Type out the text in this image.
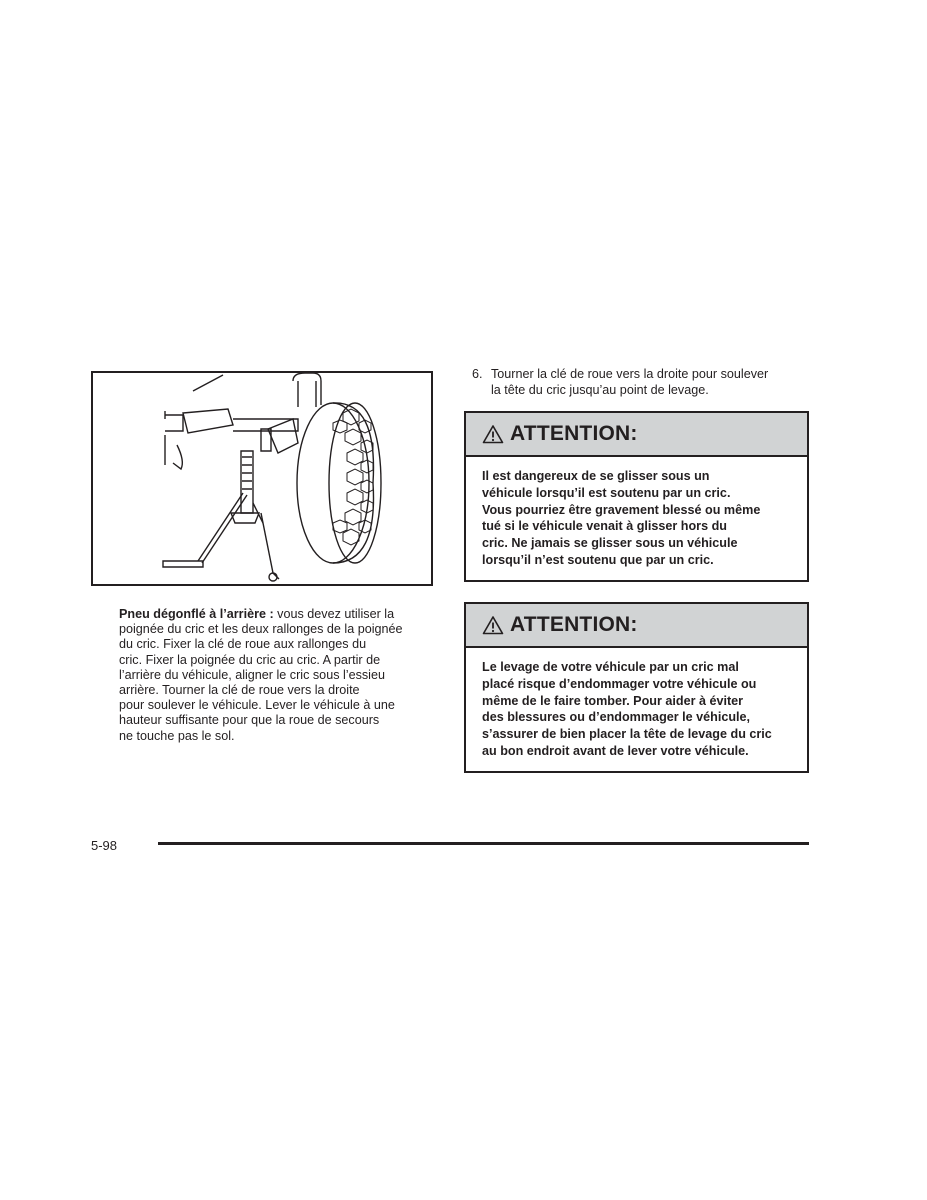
Pneu dégonflé à l’arrière : vous devez utiliser la
poignée du cric et les deux rallonges de la poignée
du cric. Fixer la clé de roue aux rallonges du
cric. Fixer la poignée du cric au cric. A partir de
l’arrière du véhicule, aligner le cric sous l’essieu
arrière. Tourner la clé de roue vers la droite
pour soulever le véhicule. Lever le véhicule à une
hauteur suffisante pour que la roue de secours
ne touche pas le sol.

6. Tourner la clé de roue vers la droite pour soulever
la tête du cric jusqu’au point de levage.
ATTENTION:
Il est dangereux de se glisser sous un
véhicule lorsqu’il est soutenu par un cric.
Vous pourriez être gravement blessé ou même
tué si le véhicule venait à glisser hors du
cric. Ne jamais se glisser sous un véhicule
lorsqu’il n’est soutenu que par un cric.
ATTENTION:
Le levage de votre véhicule par un cric mal
placé risque d’endommager votre véhicule ou
même de le faire tomber. Pour aider à éviter
des blessures ou d’endommager le véhicule,
s’assurer de bien placer la tête de levage du cric
au bon endroit avant de lever votre véhicule.
5-98
